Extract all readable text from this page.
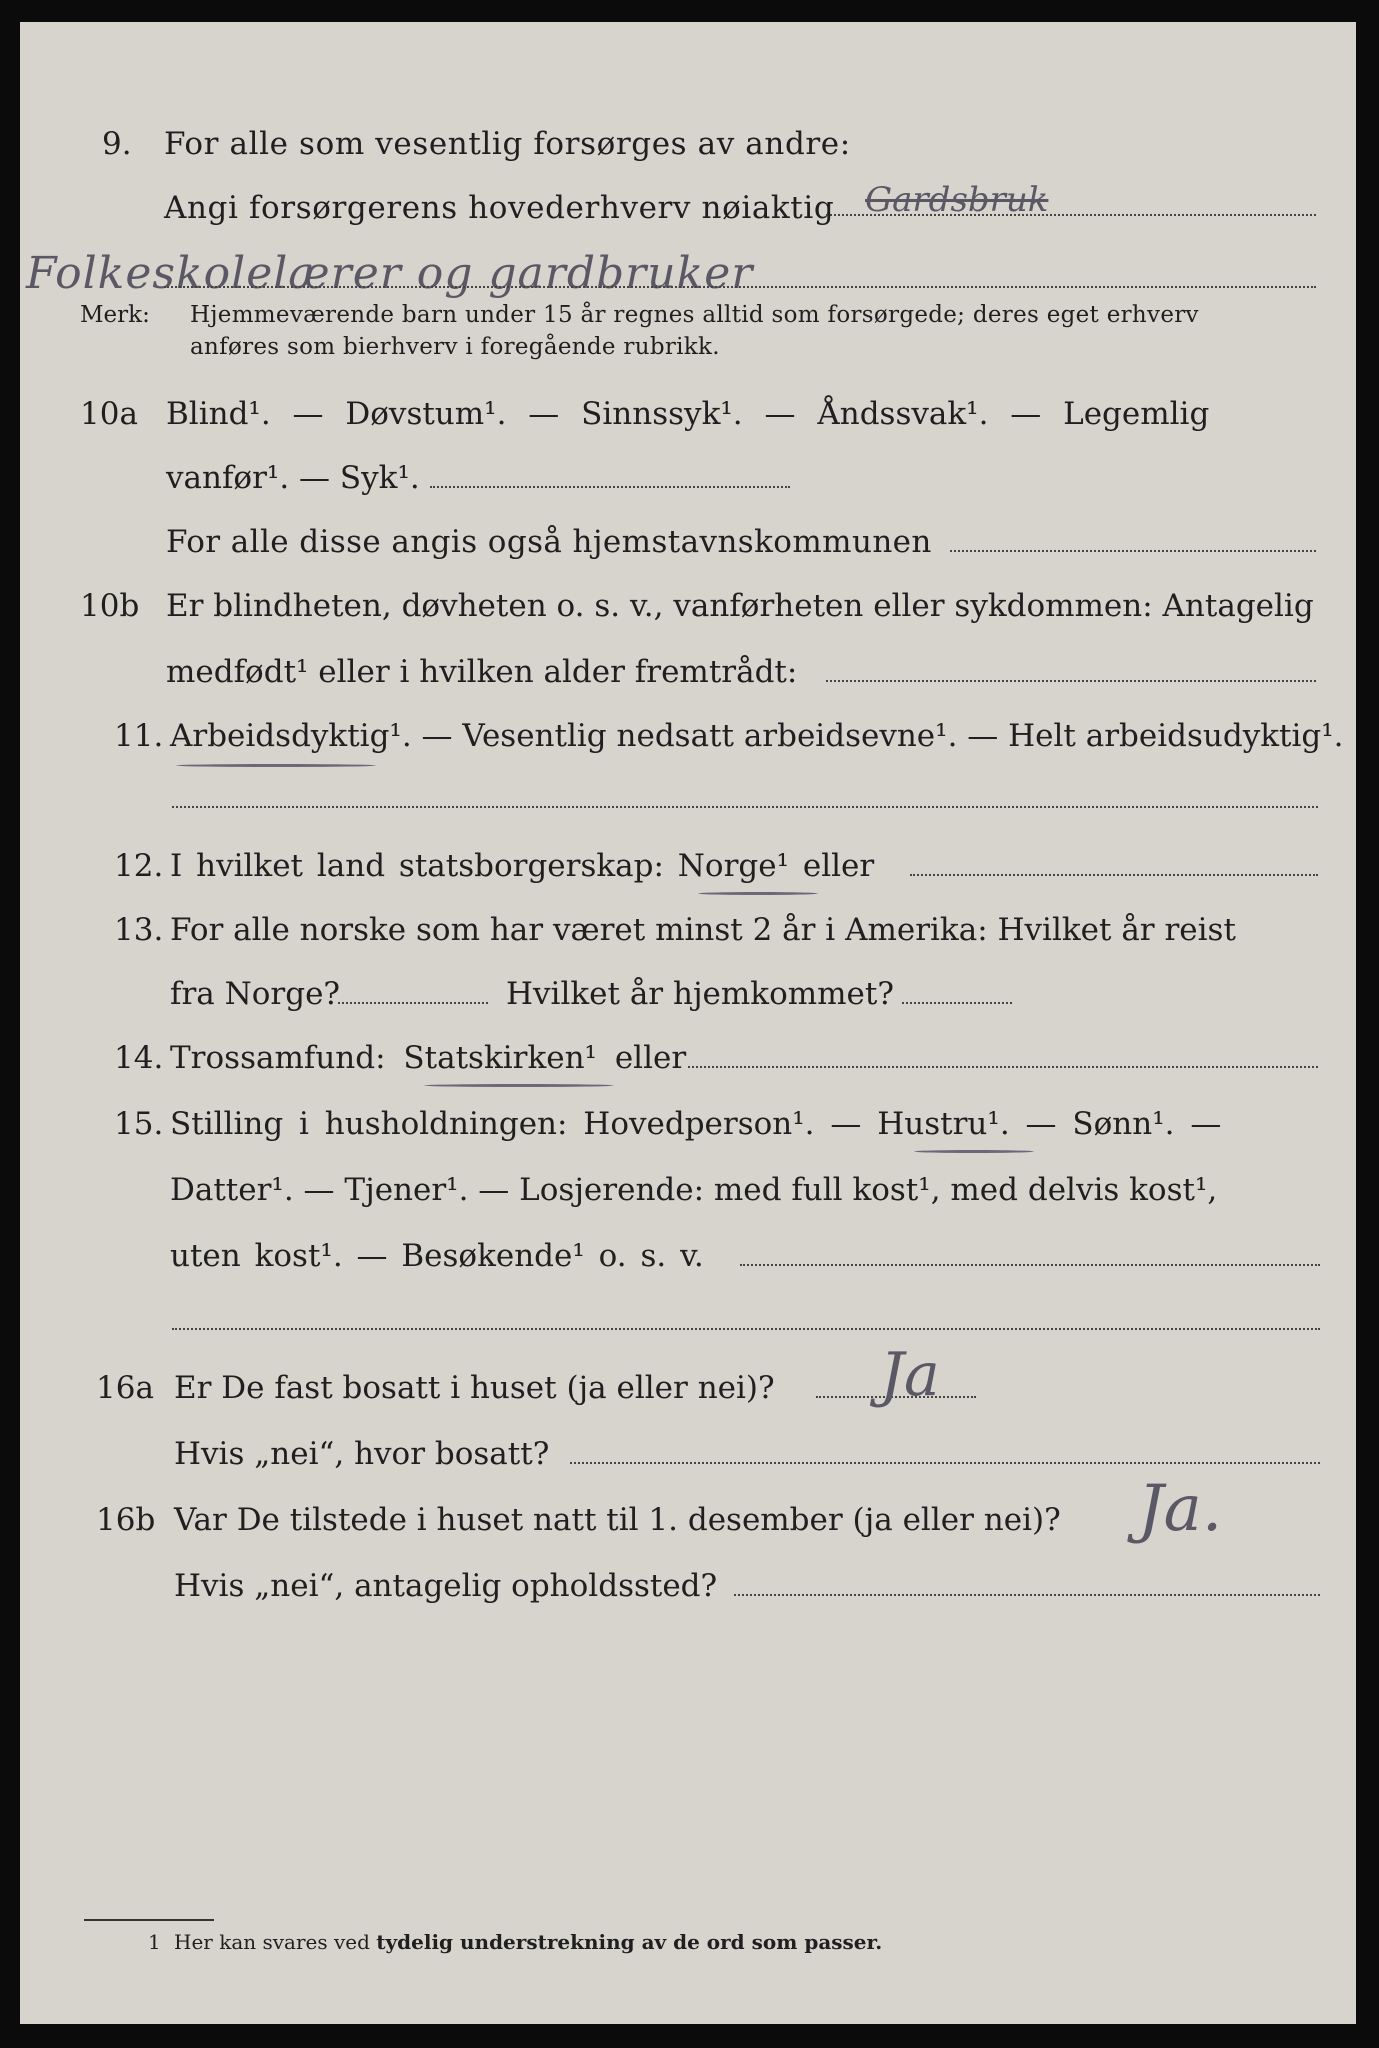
9. For alle som vesentlig forsørges av andre:
Angi forsørgerens hovederhverv nøiaktig Gardsbruk
Folkeskolelærer og gardbruker
Merk: Hjemmeværende barn under 15 år regnes alltid som forsørgede; deres eget erhverv
anføres som bierhverv i foregående rubrikk.
10a Blind¹. — Døvstum¹. — Sinnssyk¹. — Åndssvak¹. — Legemlig
vanfør¹. — Syk¹.
For alle disse angis også hjemstavnskommunen
10b Er blindheten, døvheten o. s. v., vanførheten eller sykdommen: Antagelig
medfødt¹ eller i hvilken alder fremtrådt:
11. Arbeidsdyktig¹. — Vesentlig nedsatt arbeidsevne¹. — Helt arbeidsudyktig¹.
12. I hvilket land statsborgerskap: Norge¹ eller
13. For alle norske som har været minst 2 år i Amerika: Hvilket år reist
fra Norge?	Hvilket år hjemkommet?
14. Trossamfund: Statskirken¹ eller
15. Stilling i husholdningen: Hovedperson¹. — Hustru¹. — Sønn¹. —
Datter¹. — Tjener¹. — Losjerende: med full kost¹, med delvis kost¹,
uten kost¹. — Besøkende¹ o. s. v.
16a Er De fast bosatt i huset (ja eller nei)? Ja
Hvis „nei“, hvor bosatt?
16b Var De tilstede i huset natt til 1. desember (ja eller nei)? Ja.
Hvis „nei“, antagelig opholdssted?
1 Her kan svares ved tydelig understrekning av de ord som passer.
